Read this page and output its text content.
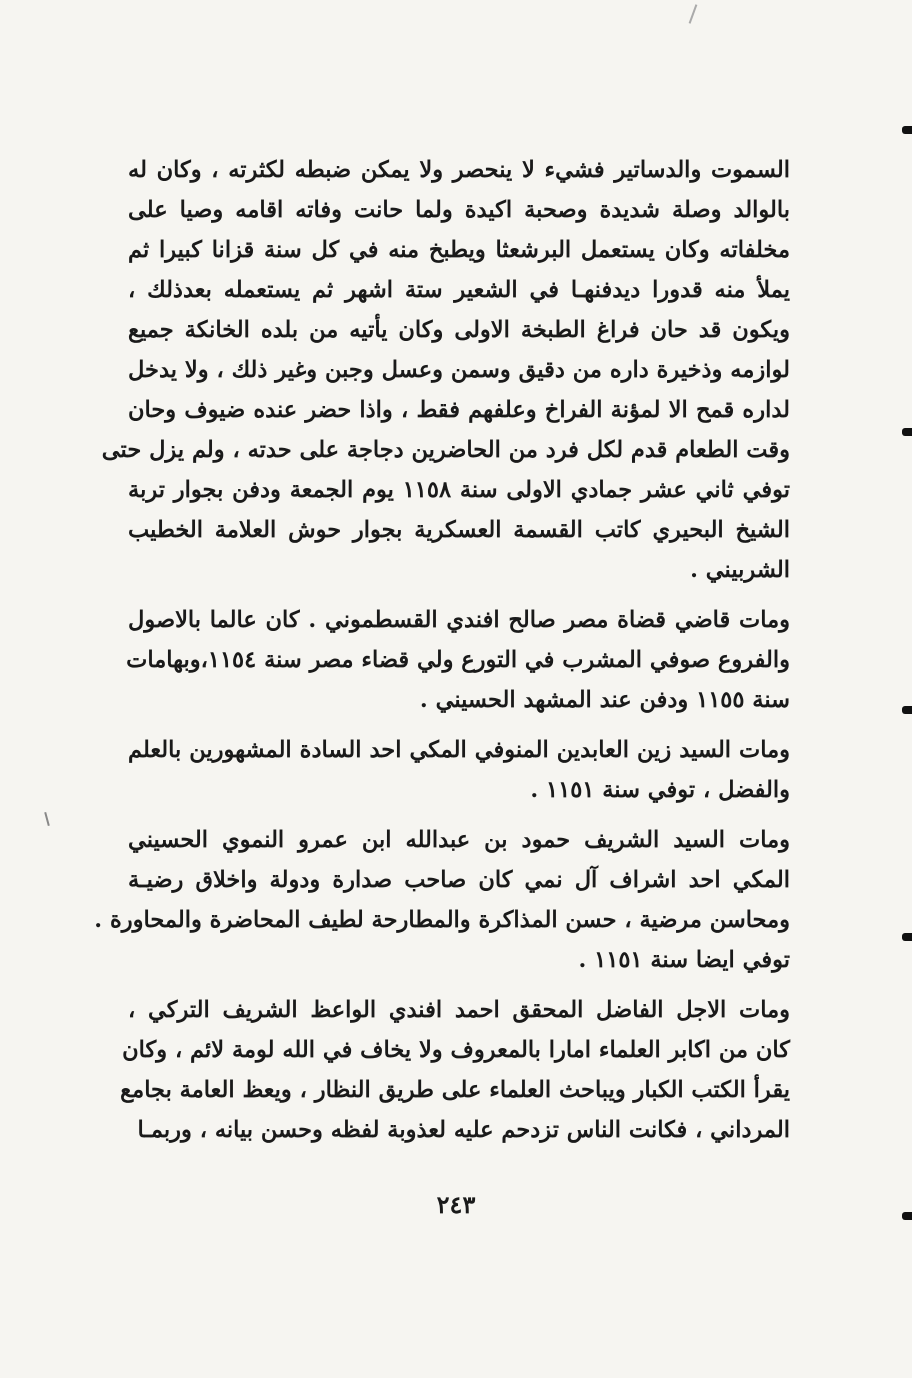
السموت والدساتير فشيء لا ينحصر ولا يمكن ضبطه لكثرته ، وكان له
بالوالد وصلة شديدة وصحبة اكيدة ولما حانت وفاته اقامه وصيا على
مخلفاته وكان يستعمل البرشعثا ويطبخ منه في كل سنة قزانا كبيرا ثم
يملأ منه قدورا ديدفنهـا في الشعير ستة اشهر ثم يستعمله بعدذلك ،
ويكون قد حان فراغ الطبخة الاولى وكان يأتيه من بلده الخانكة جميع
لوازمه وذخيرة داره من دقيق وسمن وعسل وجبن وغير ذلك ، ولا يدخل
لداره قمح الا لمؤنة الفراخ وعلفهم فقط ، واذا حضر عنده ضيوف وحان
وقت الطعام قدم لكل فرد من الحاضرين دجاجة على حدته ، ولم يزل حتى
توفي ثاني عشر جمادي الاولى سنة ١١٥٨ يوم الجمعة ودفن بجوار تربة
الشيخ البحيري كاتب القسمة العسكرية بجوار حوش العلامة الخطيب
الشربيني .
ومات قاضي قضاة مصر صالح افندي القسطموني . كان عالما بالاصول
والفروع صوفي المشرب في التورع ولي قضاء مصر سنة ١١٥٤،وبهامات
سنة ١١٥٥ ودفن عند المشهد الحسيني .
ومات السيد زين العابدين المنوفي المكي احد السادة المشهورين بالعلم
والفضل ، توفي سنة ١١٥١ .
ومات السيد الشريف حمود بن عبدالله ابن عمرو النموي الحسيني
المكي احد اشراف آل نمي كان صاحب صدارة ودولة واخلاق رضيـة
ومحاسن مرضية ، حسن المذاكرة والمطارحة لطيف المحاضرة والمحاورة .
توفي ايضا سنة ١١٥١ .
ومات الاجل الفاضل المحقق احمد افندي الواعظ الشريف التركي ،
كان من اكابر العلماء امارا بالمعروف ولا يخاف في الله لومة لائم ، وكان
يقرأ الكتب الكبار ويباحث العلماء على طريق النظار ، ويعظ العامة بجامع
المرداني ، فكانت الناس تزدحم عليه لعذوبة لفظه وحسن بيانه ، وربمـا
٢٤٣
